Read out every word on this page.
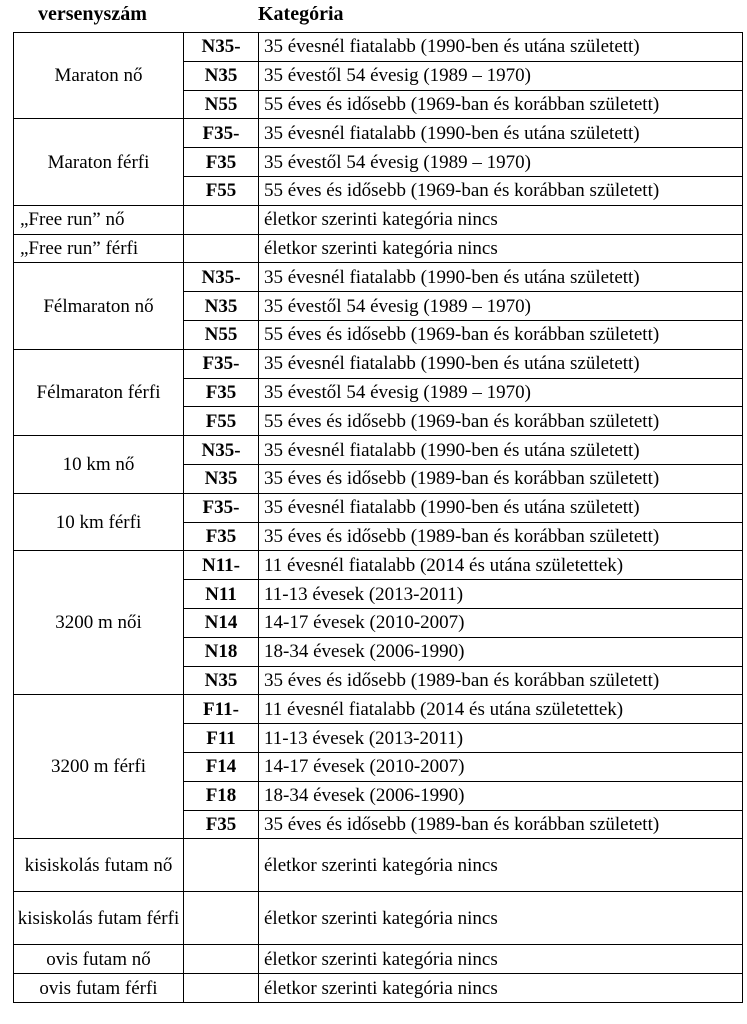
versenyszám	Kategória
Maraton nő	N35-	35 évesnél fiatalabb (1990-ben és utána született)
	N35	35 évestől 54 évesig (1989 – 1970)
	N55	55 éves és idősebb (1969-ban és korábban született)
Maraton férfi	F35-	35 évesnél fiatalabb (1990-ben és utána született)
	F35	35 évestől 54 évesig (1989 – 1970)
	F55	55 éves és idősebb (1969-ban és korábban született)
„Free run” nő		életkor szerinti kategória nincs
„Free run” férfi		életkor szerinti kategória nincs
Félmaraton nő	N35-	35 évesnél fiatalabb (1990-ben és utána született)
	N35	35 évestől 54 évesig (1989 – 1970)
	N55	55 éves és idősebb (1969-ban és korábban született)
Félmaraton férfi	F35-	35 évesnél fiatalabb (1990-ben és utána született)
	F35	35 évestől 54 évesig (1989 – 1970)
	F55	55 éves és idősebb (1969-ban és korábban született)
10 km nő	N35-	35 évesnél fiatalabb (1990-ben és utána született)
	N35	35 éves és idősebb (1989-ban és korábban született)
10 km férfi	F35-	35 évesnél fiatalabb (1990-ben és utána született)
	F35	35 éves és idősebb (1989-ban és korábban született)
3200 m női	N11-	11 évesnél fiatalabb (2014 és utána születettek)
	N11	11-13 évesek (2013-2011)
	N14	14-17 évesek (2010-2007)
	N18	18-34 évesek (2006-1990)
	N35	35 éves és idősebb (1989-ban és korábban született)
3200 m férfi	F11-	11 évesnél fiatalabb (2014 és utána születettek)
	F11	11-13 évesek (2013-2011)
	F14	14-17 évesek (2010-2007)
	F18	18-34 évesek (2006-1990)
	F35	35 éves és idősebb (1989-ban és korábban született)
kisiskolás futam nő		életkor szerinti kategória nincs
kisiskolás futam férfi		életkor szerinti kategória nincs
ovis futam nő		életkor szerinti kategória nincs
ovis futam férfi		életkor szerinti kategória nincs
